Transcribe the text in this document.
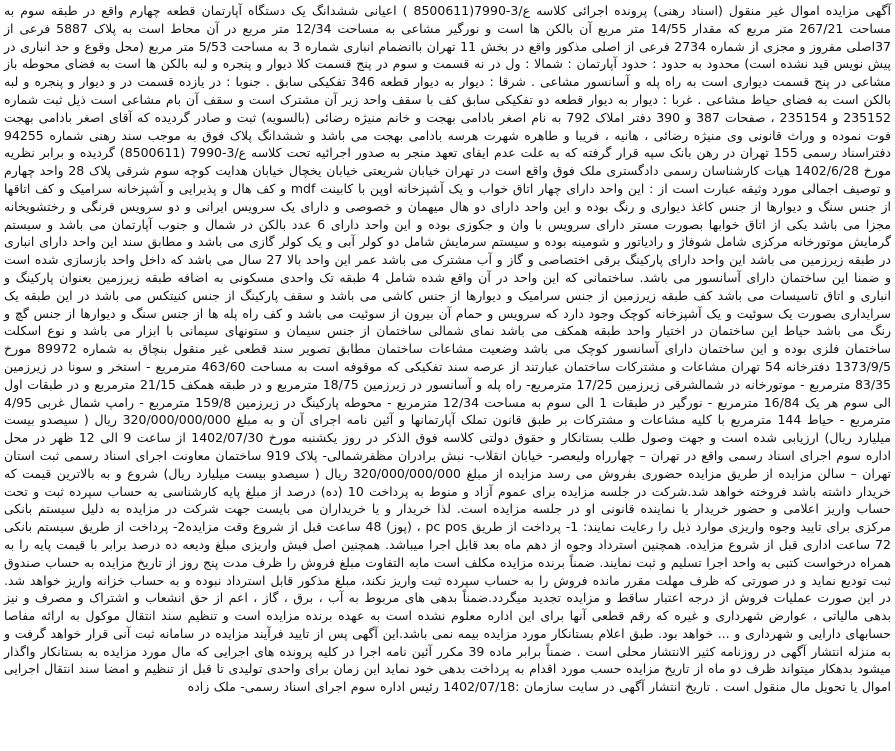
آگهی مزایده اموال غیر منقول (اسناد رهنی) پرونده اجرائی کلاسه ع/3-7990(8500611 ) اعیانی ششدانگ یک دستگاه آپارتمان قطعه چهارم واقع در طبقه سوم به مساحت 267/21 متر مربع که مقدار 14/55 متر مربع آن بالکن ها است و نورگیر مشاعی به مساحت 12/34 متر مربع در آن محاط است به پلاک 5887 فرعی از 37اصلی مفروز و مجزی از شماره 2734 فرعی از اصلی مذکور واقع در بخش 11 تهران باانضمام انباری شماره 3 به مساحت 5/53 متر مربع (محل وقوع و حد انباری در پیش نویس قید نشده است) محدود به حدود : حدود آپارتمان : شمالا : ول در نه قسمت و سوم در پنج قسمت کلا دیوار و پنجره و لبه بالکن ها است به فضای محوطه باز مشاعی در پنج قسمت دیواری است به راه پله و آسانسور مشاعی . شرقا : دیوار به دیوار قطعه 346 تفکیکی سابق . جنوبا : در یازده قسمت در و دیوار و پنجره و لبه بالکن است به فضای حیاط مشاعی . غربا : دیوار به دیوار قطعه دو تفکیکی سابق کف با سقف واحد زیر آن مشترک است و سقف آن بام مشاعی است ذیل ثبت شماره 235152 و 235154 ، صفحات 387 و 390 دفتر املاک 792 به نام اصغر بادامی بهجت و خانم منیژه رضائی (بالسویه) ثبت و صادر گردیده که آقای اصغر بادامی بهجت فوت نموده و وراث قانونی وی منیژه رضائی ، هانیه ، فریبا و طاهره شهرت هرسه بادامی بهجت می باشد و ششدانگ پلاک فوق به موجب سند رهنی شماره 94255 دفتراسناد رسمی 155 تهران در رهن بانک سپه قرار گرفته که به علت عدم ایفای تعهد منجر به صدور اجرائیه تحت کلاسه ع/3-7990 (8500611) گردیده و برابر نظریه مورخ 1402/6/28 هیات کارشناسان رسمی دادگستری ملک فوق واقع است در تهران خیابان شریعتی خیابان یخچال خیابان هدایت کوچه سوم شرقی پلاک 28 واحد چهارم و توصیف اجمالی مورد وثیقه عبارت است از : این واحد دارای چهار اتاق خواب و یک آشپزخانه اوپن با کابینت mdf و کف هال و پذیرایی و آشپزخانه سرامیک و کف اتاقها از جنس سنگ و دیوارها از جنس کاغذ دیواری و رنگ بوده و این واحد دارای دو هال میهمان و خصوصی و دارای یک سرویس ایرانی و دو سرویس فرنگی و رختشویخانه مجزا می باشد یکی از اتاق خوابها بصورت مستر دارای سرویس با وان و جکوزی بوده و این واحد دارای 6 عدد بالکن در شمال و جنوب آپارتمان می باشد و سیستم گرمایش موتورخانه مرکزی شامل شوفاژ و رادیاتور و شومینه بوده و سیستم سرمایش شامل دو کولر آبی و یک کولر گازی می باشد و مطابق سند این واحد دارای انباری در طبقه زیرزمین می باشد این واحد دارای پارکینگ برقی اختصاصی و گاز و آب مشترک می باشد عمر این واحد بالا 27 سال می باشد که داخل واحد بازسازی شده است و ضمنا این ساختمان دارای آسانسور می باشد. ساختمانی که این واحد در آن واقع شده شامل 4 طبقه تک واحدی مسکونی به اضافه طبقه زیرزمین بعنوان پارکینگ و انباری و اتاق تاسیسات می باشد کف طبقه زیرزمین از جنس سرامیک و دیوارها از جنس کاشی می باشد و سقف پارکینگ از جنس کنیتکس می باشد در این طبقه یک سرایداری بصورت یک سوئیت و یک آشپزخانه کوچک وجود دارد که سرویس و حمام آن بیرون از سوئیت می باشد و کف راه پله ها از جنس سنگ و دیوارها از جنس گچ و رنگ می باشد حیاط این ساختمان در اختیار واحد طبقه همکف می باشد نمای شمالی ساختمان از جنس سیمان و ستونهای سیمانی با ابزار می باشد و نوع اسکلت ساختمان فلزی بوده و این ساختمان دارای آسانسور کوچک می باشد وضعیت مشاعات ساختمان مطابق تصویر سند قطعی غیر منقول بنچاق به شماره 89972 مورخ 1373/9/5 دفترخانه 54 تهران مشاعات و مشترکات ساختمان عبارتند از عرصه سند تفکیکی که موقوفه است به مساحت 463/60 مترمربع - استخر و سونا در زیرزمین 83/35 مترمربع - موتورخانه در شمالشرقی زیرزمین 17/25 مترمربع- راه پله و آسانسور در زیرزمین 18/75 مترمربع و در طبقه همکف 21/15 مترمربع و در طبقات اول الی سوم هر یک 16/84 مترمربع - نورگیر در طبقات 1 الی سوم به مساحت 12/34 مترمربع - محوطه پارکینگ در زیرزمین 159/8 مترمربع - رامپ شمال غربی 4/95 مترمربع - حیاط 144 مترمربع با کلیه مشاعات و مشترکات بر طبق قانون تملک آپارتمانها و آئین نامه اجرای آن و به مبلغ 320/000/000/000 ریال ( سیصدو بیست میلیارد ریال) ارزیابی شده است و جهت وصول طلب بستانکار و حقوق دولتی کلاسه فوق الذکر در روز یکشنبه مورخ 1402/07/30 از ساعت 9 الی 12 ظهر در محل اداره سوم اجرای اسناد رسمی واقع در تهران – چهارراه ولیعصر- خیابان انقلاب- نبش برادران مظفرشمالی- پلاک 919 ساختمان معاونت اجرای اسناد رسمی ثبت استان تهران – سالن مزایده از طریق مزایده حضوری بفروش می رسد مزایده از مبلغ 320/000/000/000 ریال ( سیصدو بیست میلیارد ریال) شروع و به بالاترین قیمت که خریدار داشته باشد فروخته خواهد شد.شرکت در جلسه مزایده برای عموم آزاد و منوط به پرداخت 10 (ده) درصد از مبلغ پایه کارشناسی به حساب سپرده ثبت و تحت حساب واریز اعلامی و حضور خریدار یا نماینده قانونی او در جلسه مزایده است. لذا خریدار و یا خریداران می بایست جهت شرکت در مزایده به دلیل سیستم بانکی مرکزی برای تایید وجوه واریزی موارد ذیل را رعایت نمایند: 1- پرداخت از طریق pc pos ، (پوز) 48 ساعت قبل از شروع وقت مزایده2- پرداخت از طریق سیستم بانکی 72 ساعت اداری قبل از شروع مزایده. همچنین استرداد وجوه از دهم ماه بعد قابل اجرا میباشد. همچنین اصل فیش واریزی مبلغ ودیعه ده درصد برابر با قیمت پایه را به همراه درخواست کتبی به واحد اجرا تسلیم و ثبت نمایند. ضمناً برنده مزایده مکلف است مابه التفاوت مبلغ فروش را ظرف مدت پنج روز از تاریخ مزایده به حساب صندوق ثبت تودیع نماید و در صورتی که ظرف مهلت مقرر مانده فروش را به حساب سپرده ثبت واریز نکند، مبلغ مذکور قابل استرداد نبوده و به حساب خزانه واریز خواهد شد. در این صورت عملیات فروش از درجه اعتبار ساقط و مزایده تجدید میگردد.ضمناً بدهی های مربوط به آب ، برق ، گاز ، اعم از حق انشعاب و اشتراک و مصرف و نیز بدهی مالیاتی ، عوارض شهرداری و غیره که رقم قطعی آنها برای این اداره معلوم نشده است به عهده برنده مزایده است و تنظیم سند انتقال موکول به ارائه مفاصا حسابهای دارایی و شهرداری و ... خواهد بود. طبق اعلام بستانکار مورد مزایده بیمه نمی باشد.این آگهی پس از تایید فرآیند مزایده در سامانه ثبت آنی قرار خواهد گرفت و به منزله انتشار آگهی در روزنامه کثیر الانتشار محلی است . ضمناً برابر ماده 39 مکرر آئین نامه اجرا در کلیه پرونده های اجرایی که مال مورد مزایده به بستانکار واگذار میشود بدهکار میتواند ظرف دو ماه از تاریخ مزایده حسب مورد اقدام به پرداخت بدهی خود نماید این زمان برای واحدی تولیدی تا قبل از تنظیم و امضا سند انتقال اجرایی اموال یا تحویل مال منقول است . تاریخ انتشار آگهی در سایت سازمان :1402/07/18 رئیس اداره سوم اجرای اسناد رسمی- ملک زاده
